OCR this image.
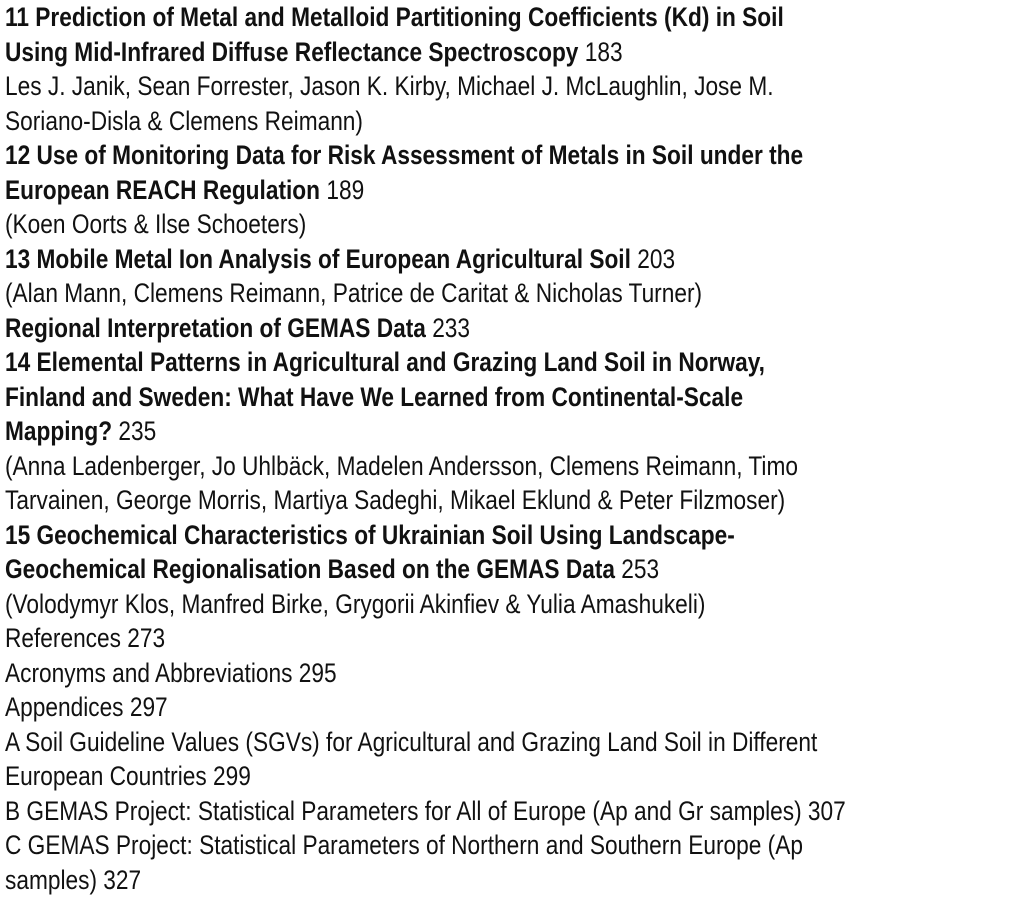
11 Prediction of Metal and Metalloid Partitioning Coefficients (Kd) in Soil
Using Mid-Infrared Diffuse Reflectance Spectroscopy 183
Les J. Janik, Sean Forrester, Jason K. Kirby, Michael J. McLaughlin, Jose M.
Soriano-Disla & Clemens Reimann)
12 Use of Monitoring Data for Risk Assessment of Metals in Soil under the
European REACH Regulation 189
(Koen Oorts & Ilse Schoeters)
13 Mobile Metal Ion Analysis of European Agricultural Soil 203
(Alan Mann, Clemens Reimann, Patrice de Caritat & Nicholas Turner)
Regional Interpretation of GEMAS Data 233
14 Elemental Patterns in Agricultural and Grazing Land Soil in Norway,
Finland and Sweden: What Have We Learned from Continental-Scale
Mapping? 235
(Anna Ladenberger, Jo Uhlbäck, Madelen Andersson, Clemens Reimann, Timo
Tarvainen, George Morris, Martiya Sadeghi, Mikael Eklund & Peter Filzmoser)
15 Geochemical Characteristics of Ukrainian Soil Using Landscape-
Geochemical Regionalisation Based on the GEMAS Data 253
(Volodymyr Klos, Manfred Birke, Grygorii Akinfiev & Yulia Amashukeli)
References 273
Acronyms and Abbreviations 295
Appendices 297
A Soil Guideline Values (SGVs) for Agricultural and Grazing Land Soil in Different
European Countries 299
B GEMAS Project: Statistical Parameters for All of Europe (Ap and Gr samples) 307
C GEMAS Project: Statistical Parameters of Northern and Southern Europe (Ap
samples) 327
